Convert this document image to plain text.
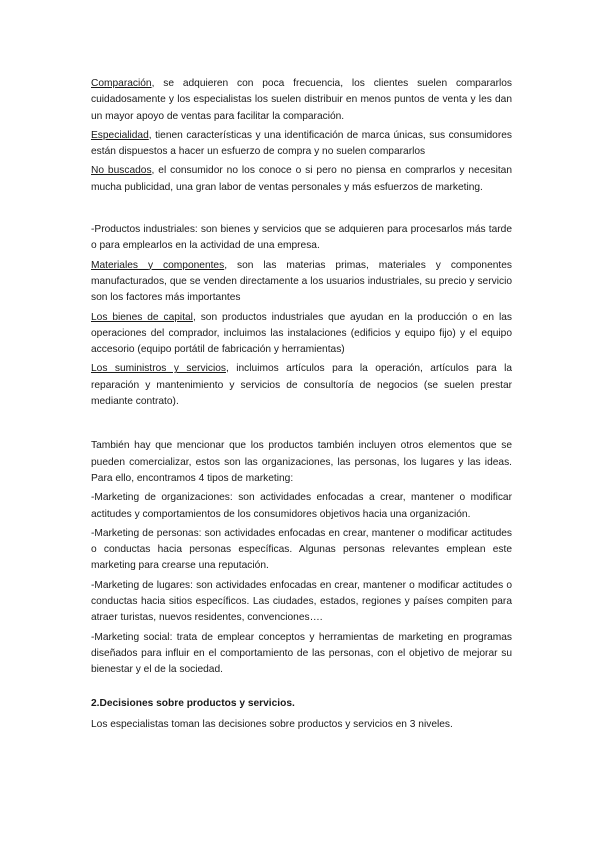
Comparación, se adquieren con poca frecuencia, los clientes suelen compararlos cuidadosamente y los especialistas los suelen distribuir en menos puntos de venta y les dan un mayor apoyo de ventas para facilitar la comparación.

Especialidad, tienen características y una identificación de marca únicas, sus consumidores están dispuestos a hacer un esfuerzo de compra y no suelen compararlos

No buscados, el consumidor no los conoce o si pero no piensa en comprarlos y necesitan mucha publicidad, una gran labor de ventas personales y más esfuerzos de marketing.

-Productos industriales: son bienes y servicios que se adquieren para procesarlos más tarde o para emplearlos en la actividad de una empresa.

Materiales y componentes, son las materias primas, materiales y componentes manufacturados, que se venden directamente a los usuarios industriales, su precio y servicio son los factores más importantes

Los bienes de capital, son productos industriales que ayudan en la producción o en las operaciones del comprador, incluimos las instalaciones (edificios y equipo fijo) y el equipo accesorio (equipo portátil de fabricación y herramientas)

Los suministros y servicios, incluimos artículos para la operación, artículos para la reparación y mantenimiento y servicios de consultoría de negocios (se suelen prestar mediante contrato).

También hay que mencionar que los productos también incluyen otros elementos que se pueden comercializar, estos son las organizaciones, las personas, los lugares y las ideas. Para ello, encontramos 4 tipos de marketing:

-Marketing de organizaciones: son actividades enfocadas a crear, mantener o modificar actitudes y comportamientos de los consumidores objetivos hacia una organización.

-Marketing de personas: son actividades enfocadas en crear, mantener o modificar actitudes o conductas hacia personas específicas. Algunas personas relevantes emplean este marketing para crearse una reputación.

-Marketing de lugares: son actividades enfocadas en crear, mantener o modificar actitudes o conductas hacia sitios específicos. Las ciudades, estados, regiones y países compiten para atraer turistas, nuevos residentes, convenciones….

-Marketing social: trata de emplear conceptos y herramientas de marketing en programas diseñados para influir en el comportamiento de las personas, con el objetivo de mejorar su bienestar y el de la sociedad.

2.Decisiones sobre productos y servicios.

Los especialistas toman las decisiones sobre productos y servicios en 3 niveles.
